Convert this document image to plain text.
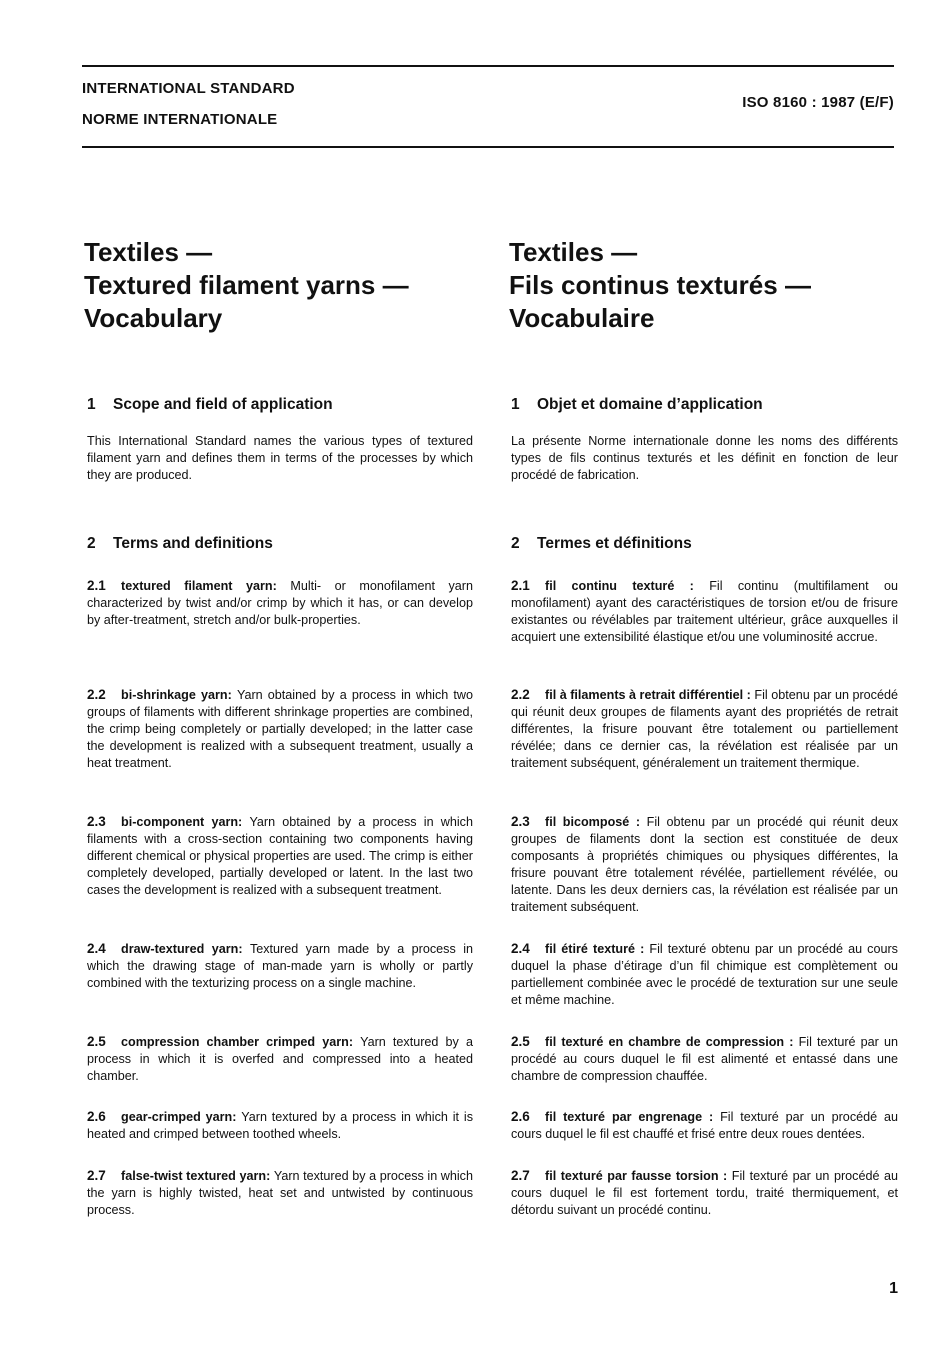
INTERNATIONAL STANDARD
NORME INTERNATIONALE
ISO 8160 : 1987 (E/F)
Textiles —
Textured filament yarns —
Vocabulary
Textiles —
Fils continus texturés —
Vocabulaire
1 Scope and field of application
This International Standard names the various types of textured filament yarn and defines them in terms of the processes by which they are produced.
2 Terms and definitions
2.1 textured filament yarn: Multi- or monofilament yarn characterized by twist and/or crimp by which it has, or can develop by after-treatment, stretch and/or bulk-properties.
2.2 bi-shrinkage yarn: Yarn obtained by a process in which two groups of filaments with different shrinkage properties are combined, the crimp being completely or partially developed; in the latter case the development is realized with a subsequent treatment, usually a heat treatment.
2.3 bi-component yarn: Yarn obtained by a process in which filaments with a cross-section containing two components having different chemical or physical properties are used. The crimp is either completely developed, partially developed or latent. In the last two cases the development is realized with a subsequent treatment.
2.4 draw-textured yarn: Textured yarn made by a process in which the drawing stage of man-made yarn is wholly or partly combined with the texturizing process on a single machine.
2.5 compression chamber crimped yarn: Yarn textured by a process in which it is overfed and compressed into a heated chamber.
2.6 gear-crimped yarn: Yarn textured by a process in which it is heated and crimped between toothed wheels.
2.7 false-twist textured yarn: Yarn textured by a process in which the yarn is highly twisted, heat set and untwisted by continuous process.
1 Objet et domaine d’application
La présente Norme internationale donne les noms des différents types de fils continus texturés et les définit en fonction de leur procédé de fabrication.
2 Termes et définitions
2.1 fil continu texturé : Fil continu (multifilament ou monofilament) ayant des caractéristiques de torsion et/ou de frisure existantes ou révélables par traitement ultérieur, grâce auxquelles il acquiert une extensibilité élastique et/ou une voluminosité accrue.
2.2 fil à filaments à retrait différentiel : Fil obtenu par un procédé qui réunit deux groupes de filaments ayant des propriétés de retrait différentes, la frisure pouvant être totalement ou partiellement révélée; dans ce dernier cas, la révélation est réalisée par un traitement subséquent, généralement un traitement thermique.
2.3 fil bicomposé : Fil obtenu par un procédé qui réunit deux groupes de filaments dont la section est constituée de deux composants à propriétés chimiques ou physiques différentes, la frisure pouvant être totalement révélée, partiellement révélée, ou latente. Dans les deux derniers cas, la révélation est réalisée par un traitement subséquent.
2.4 fil étiré texturé : Fil texturé obtenu par un procédé au cours duquel la phase d’étirage d’un fil chimique est complètement ou partiellement combinée avec le procédé de texturation sur une seule et même machine.
2.5 fil texturé en chambre de compression : Fil texturé par un procédé au cours duquel le fil est alimenté et entassé dans une chambre de compression chauffée.
2.6 fil texturé par engrenage : Fil texturé par un procédé au cours duquel le fil est chauffé et frisé entre deux roues dentées.
2.7 fil texturé par fausse torsion : Fil texturé par un procédé au cours duquel le fil est fortement tordu, traité thermiquement, et détordu suivant un procédé continu.
1
